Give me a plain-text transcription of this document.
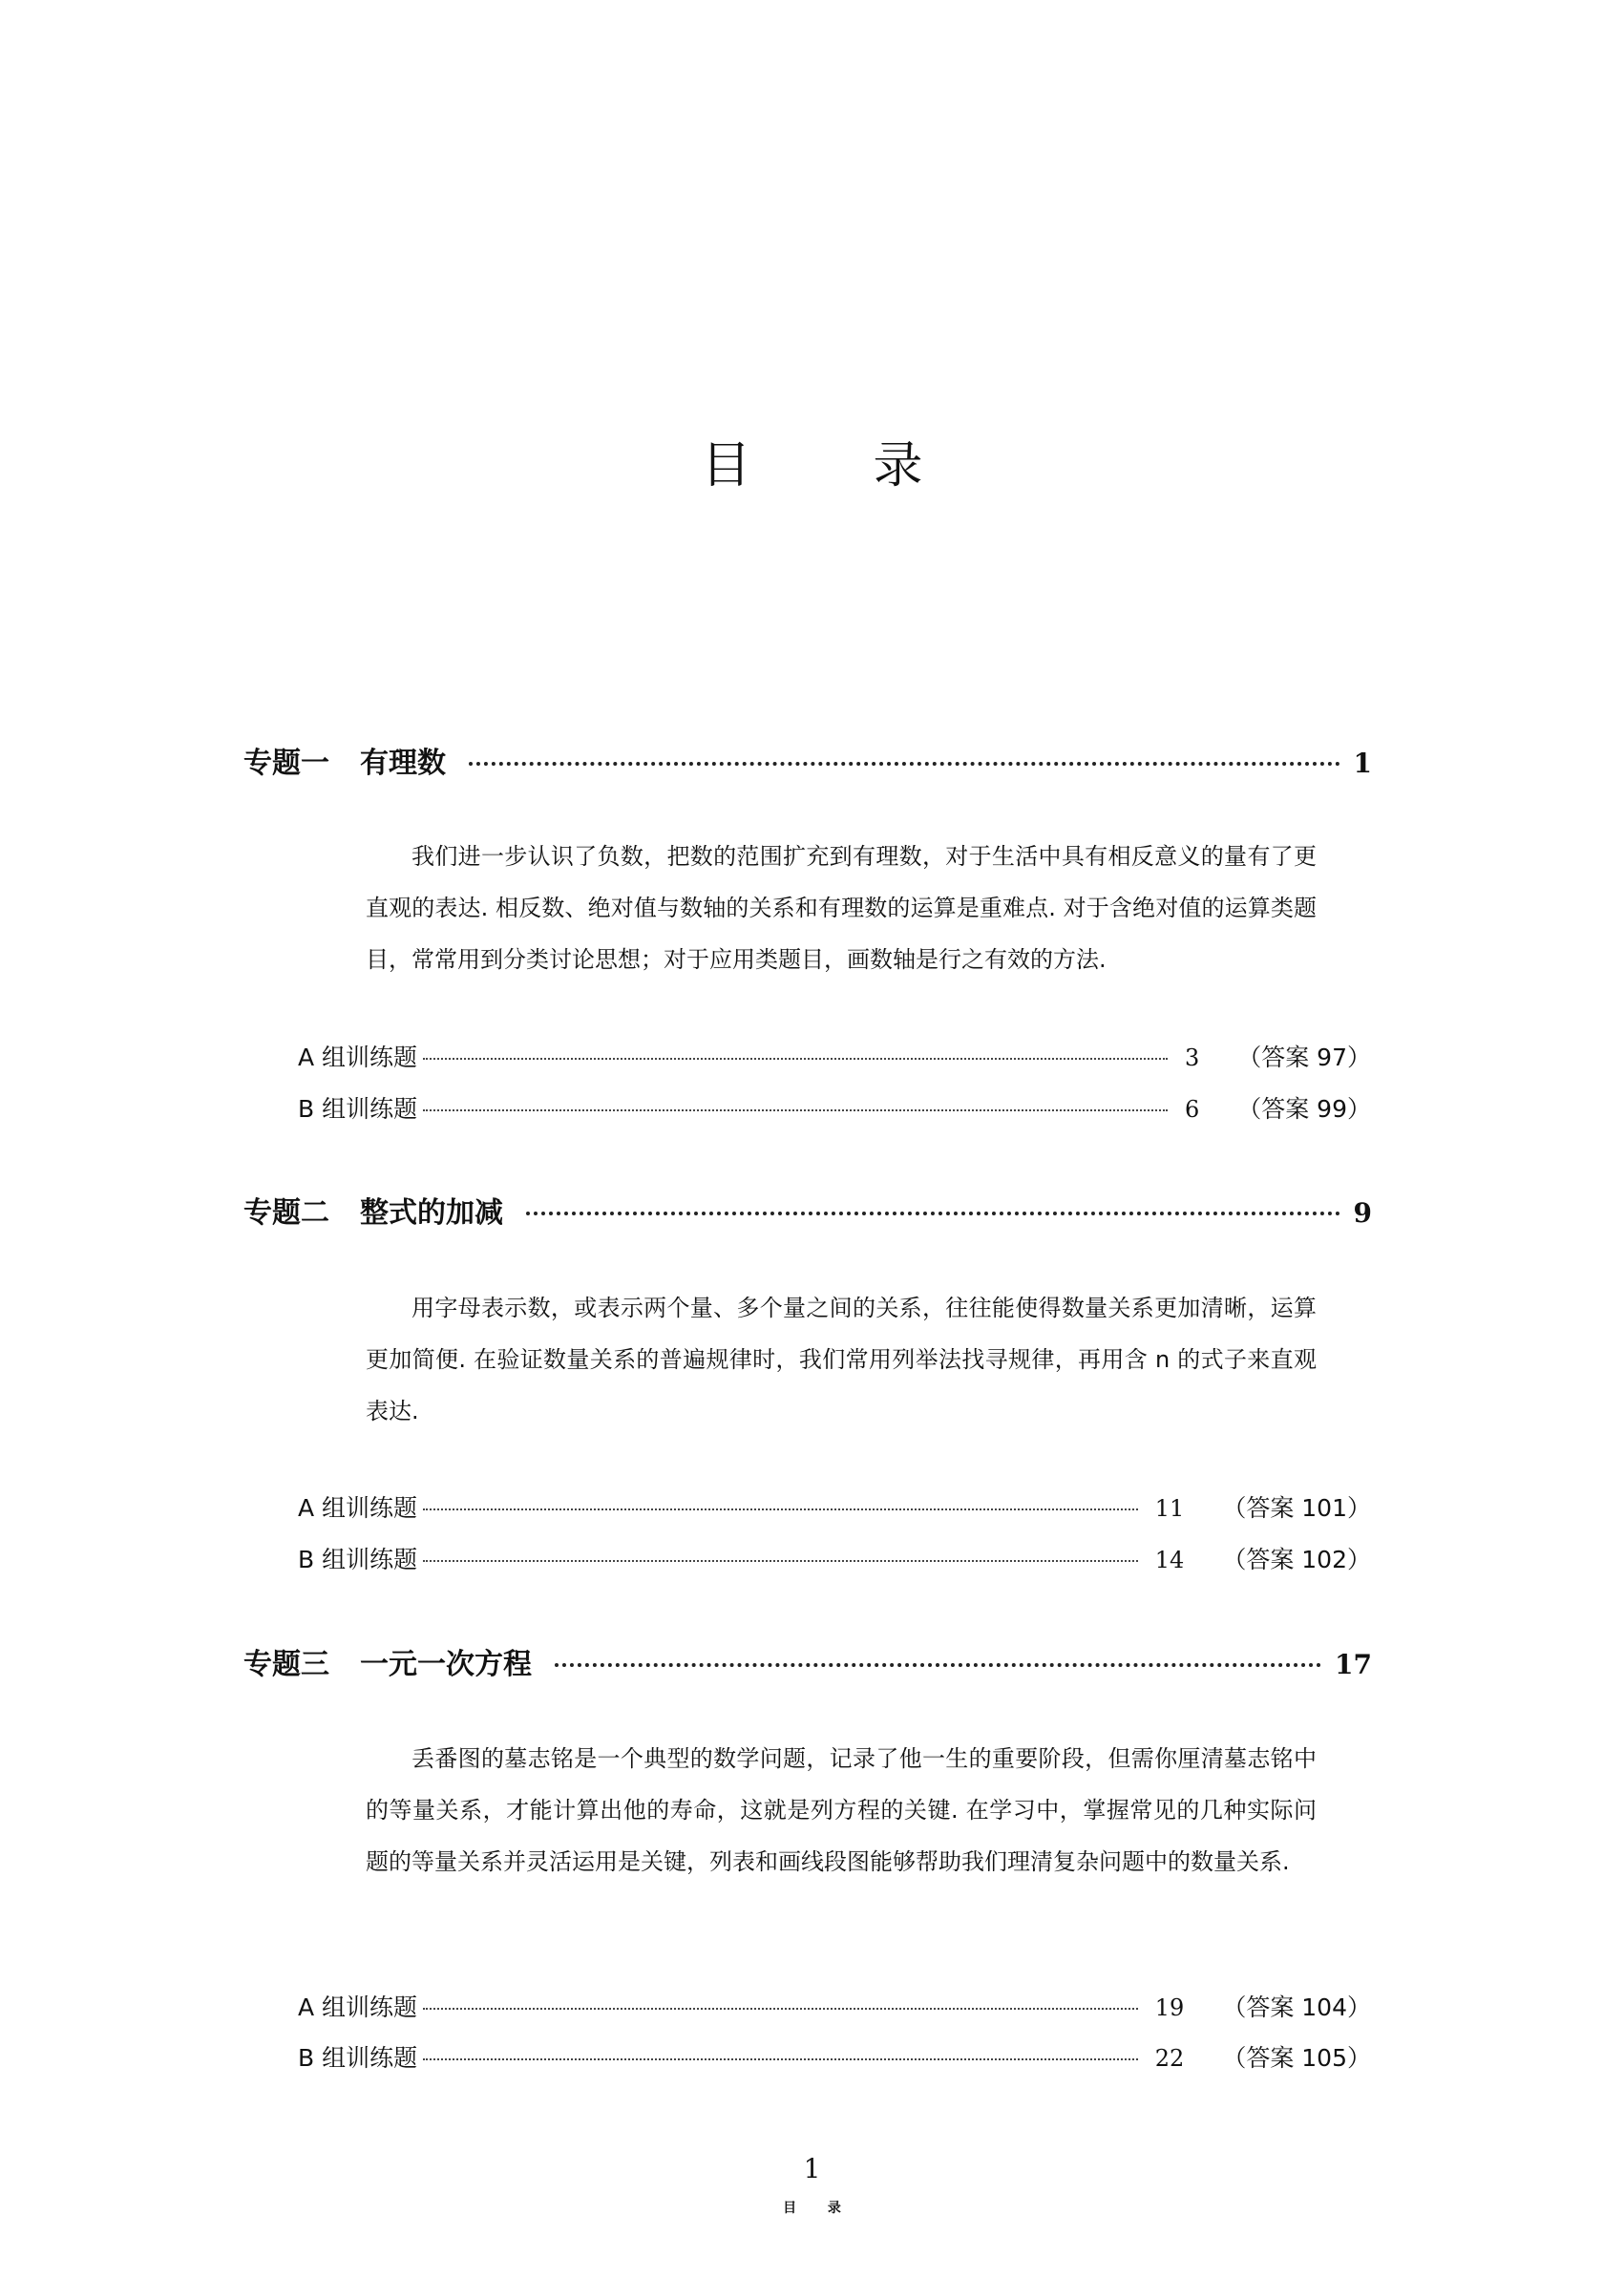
目　录
专题一	有理数	1

我们进一步认识了负数，把数的范围扩充到有理数，对于生活中具有相反意义的量有了更直观的表达. 相反数、绝对值与数轴的关系和有理数的运算是重难点. 对于含绝对值的运算类题目，常常用到分类讨论思想；对于应用类题目，画数轴是行之有效的方法.

A 组训练题	3 （答案 97）
B 组训练题	6 （答案 99）
专题二	整式的加减	9

用字母表示数，或表示两个量、多个量之间的关系，往往能使得数量关系更加清晰，运算更加简便. 在验证数量关系的普遍规律时，我们常用列举法找寻规律，再用含 n 的式子来直观表达.

A 组训练题	11 （答案 101）
B 组训练题	14 （答案 102）
专题三	一元一次方程	17

丢番图的墓志铭是一个典型的数学问题，记录了他一生的重要阶段，但需你厘清墓志铭中的等量关系，才能计算出他的寿命，这就是列方程的关键. 在学习中，掌握常见的几种实际问题的等量关系并灵活运用是关键，列表和画线段图能够帮助我们理清复杂问题中的数量关系.

A 组训练题	19 （答案 104）
B 组训练题	22 （答案 105）
1
目 录
